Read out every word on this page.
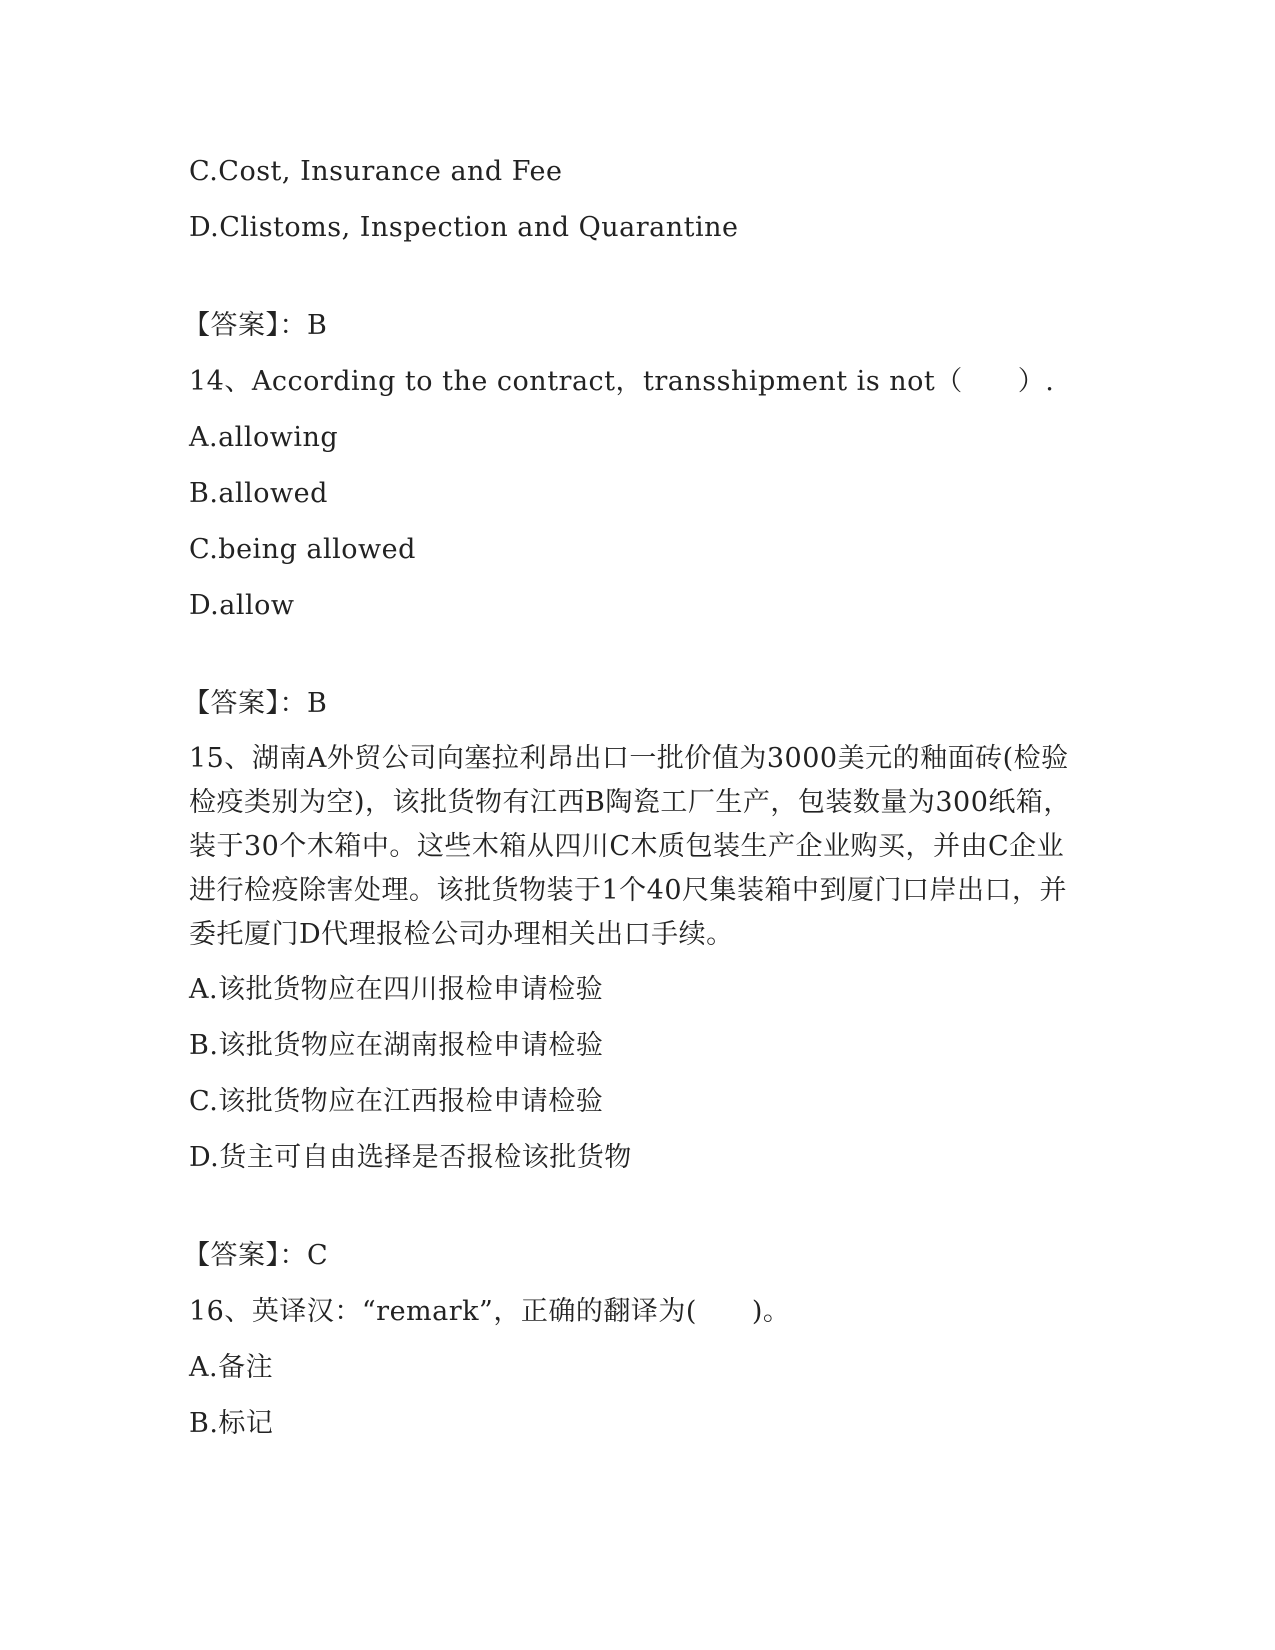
C.Cost, Insurance and Fee
D.Clistoms, Inspection and Quarantine
【答案】：B
14、According to the contract，transshipment is not（　　）.
A.allowing
B.allowed
C.being allowed
D.allow
【答案】：B
15、湖南A外贸公司向塞拉利昂出口一批价值为3000美元的釉面砖(检验检疫类别为空)，该批货物有江西B陶瓷工厂生产，包装数量为300纸箱，装于30个木箱中。这些木箱从四川C木质包装生产企业购买，并由C企业进行检疫除害处理。该批货物装于1个40尺集装箱中到厦门口岸出口，并委托厦门D代理报检公司办理相关出口手续。
A.该批货物应在四川报检申请检验
B.该批货物应在湖南报检申请检验
C.该批货物应在江西报检申请检验
D.货主可自由选择是否报检该批货物
【答案】：C
16、英译汉：“remark”，正确的翻译为(　　)。
A.备注
B.标记
